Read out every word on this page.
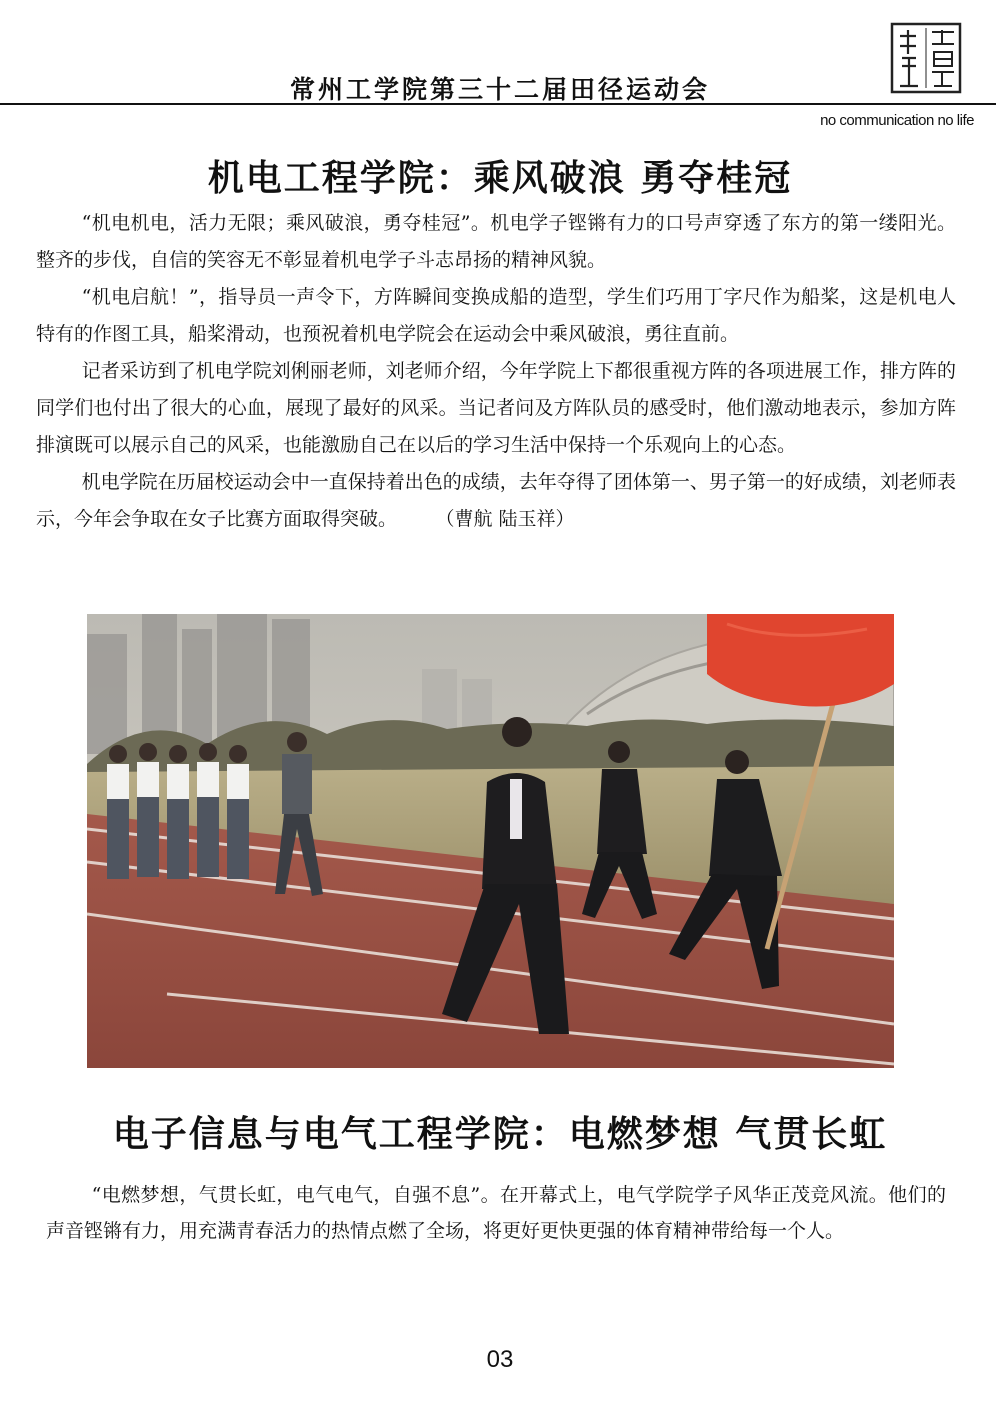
常州工学院第三十二届田径运动会
no communication no life
机电工程学院：乘风破浪 勇夺桂冠

“机电机电，活力无限；乘风破浪，勇夺桂冠”。机电学子铿锵有力的口号声穿透了东方的第一缕阳光。整齐的步伐，自信的笑容无不彰显着机电学子斗志昂扬的精神风貌。

“机电启航！”，指导员一声令下，方阵瞬间变换成船的造型，学生们巧用丁字尺作为船桨，这是机电人特有的作图工具，船桨滑动，也预祝着机电学院会在运动会中乘风破浪，勇往直前。

记者采访到了机电学院刘俐丽老师，刘老师介绍，今年学院上下都很重视方阵的各项进展工作，排方阵的同学们也付出了很大的心血，展现了最好的风采。当记者问及方阵队员的感受时，他们激动地表示，参加方阵排演既可以展示自己的风采，也能激励自己在以后的学习生活中保持一个乐观向上的心态。

机电学院在历届校运动会中一直保持着出色的成绩，去年夺得了团体第一、男子第一的好成绩，刘老师表示，今年会争取在女子比赛方面取得突破。	（曹航 陆玉祥）

电子信息与电气工程学院：电燃梦想 气贯长虹

“电燃梦想，气贯长虹，电气电气，自强不息”。在开幕式上，电气学院学子风华正茂竞风流。他们的声音铿锵有力，用充满青春活力的热情点燃了全场，将更好更快更强的体育精神带给每一个人。

03
